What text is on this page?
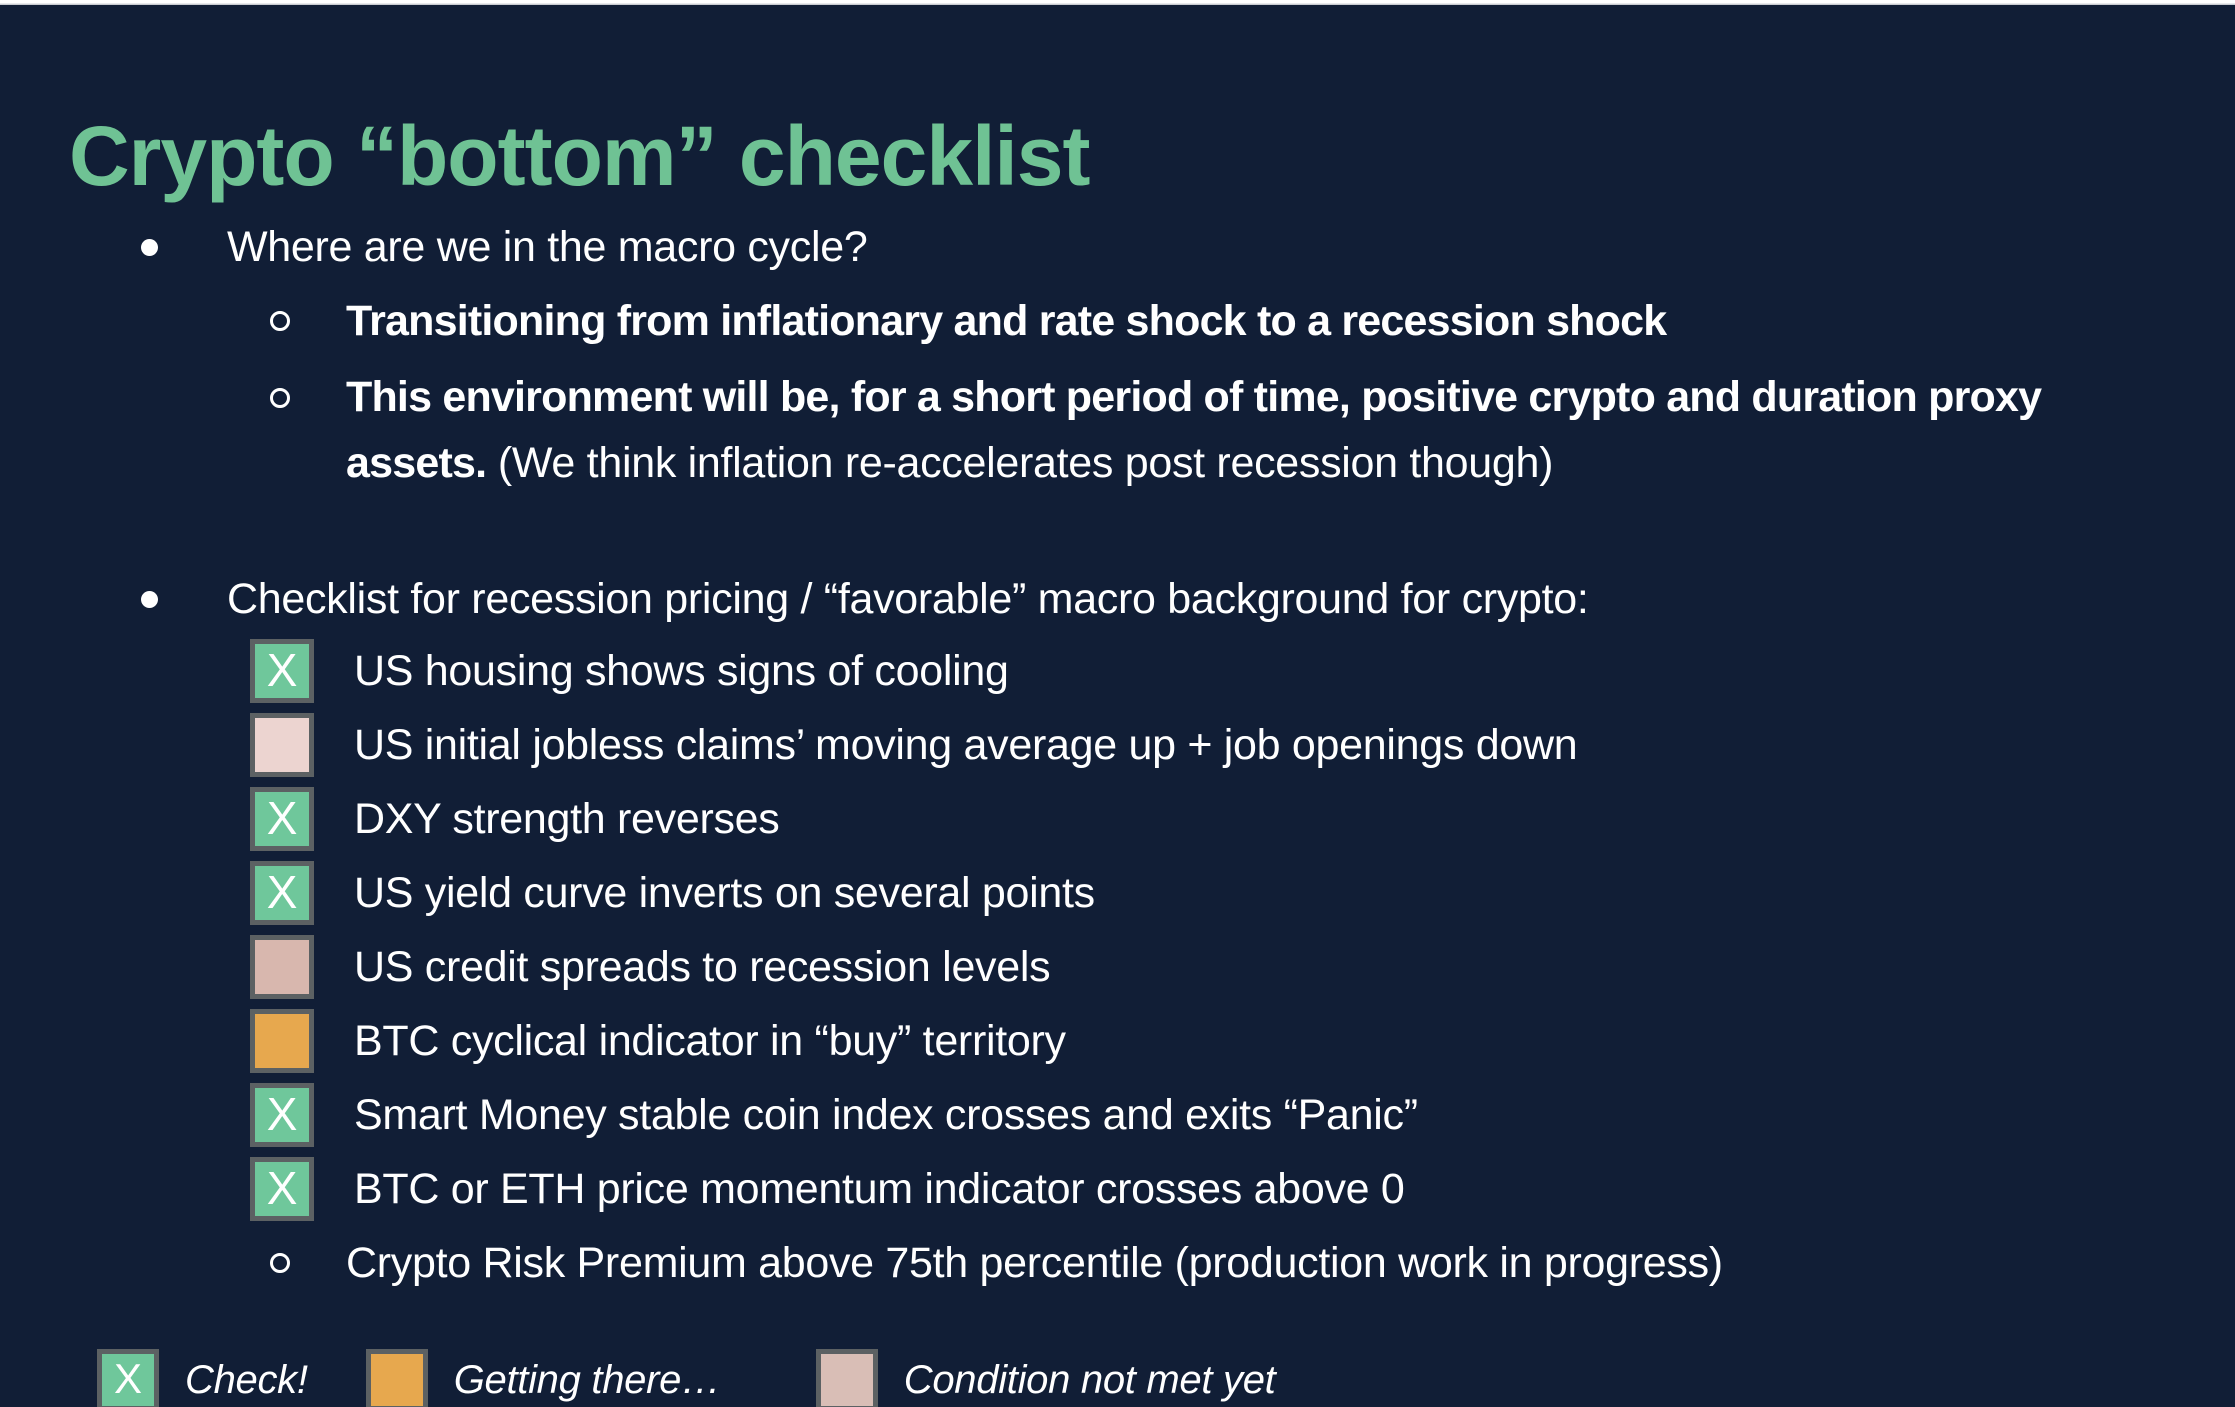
Crypto “bottom” checklist
Where are we in the macro cycle?
Transitioning from inflationary and rate shock to a recession shock
This environment will be, for a short period of time, positive crypto and duration proxy
assets. (We think inflation re-accelerates post recession though)
Checklist for recession pricing / “favorable” macro background for crypto:
X US housing shows signs of cooling
US initial jobless claims’ moving average up + job openings down
X DXY strength reverses
X US yield curve inverts on several points
US credit spreads to recession levels
BTC cyclical indicator in “buy” territory
X Smart Money stable coin index crosses and exits “Panic”
X BTC or ETH price momentum indicator crosses above 0
Crypto Risk Premium above 75th percentile (production work in progress)
X Check!	Getting there…	Condition not met yet
